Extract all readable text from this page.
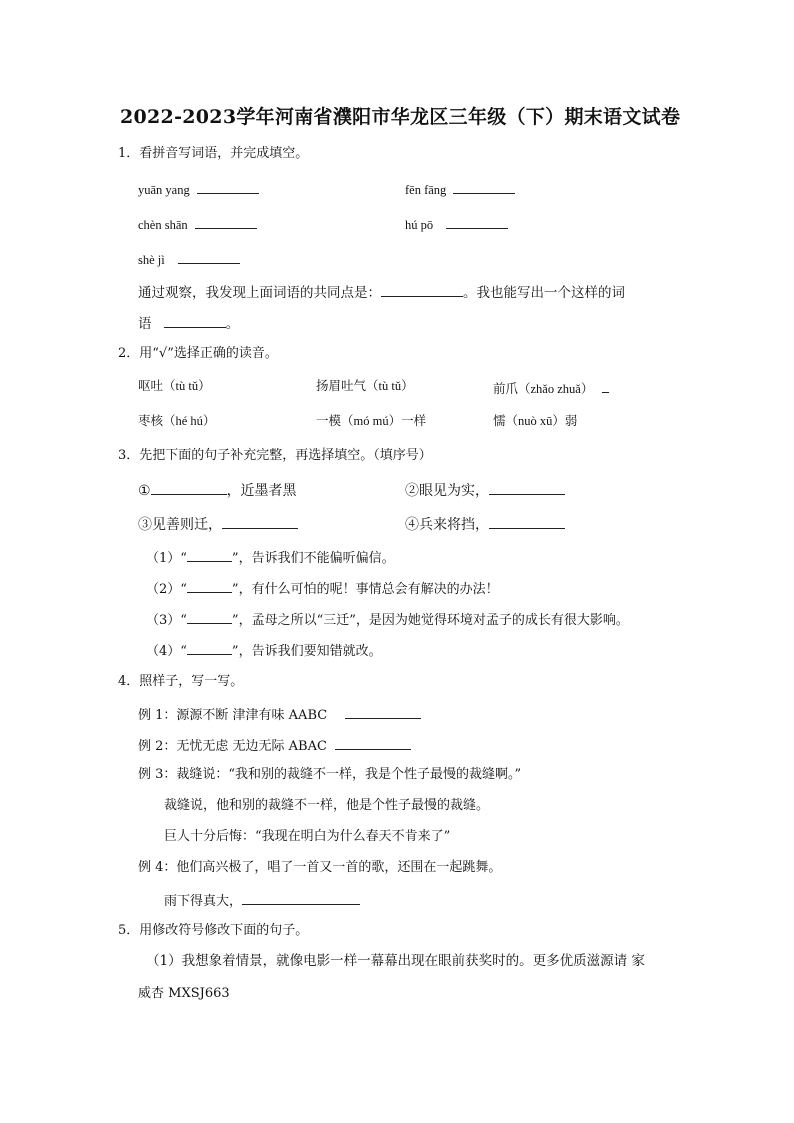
2022-2023学年河南省濮阳市华龙区三年级（下）期末语文试卷
1．看拼音写词语，并完成填空。
yuān yang	fēn fāng
chèn shān	hú pō
shè jì
通过观察，我发现上面词语的共同点是：	。我也能写出一个这样的词
语	。
2．用“√”选择正确的读音。
呕吐（tù tǔ）	扬眉吐气（tù tǔ）	前爪（zhǎo zhuǎ）
枣核（hé hú）	一模（mó mú）一样	懦（nuò xū）弱
3．先把下面的句子补充完整，再选择填空。（填序号）
①	，近墨者黑	②眼见为实，
③见善则迁，	④兵来将挡，
（1）“	”，告诉我们不能偏听偏信。
（2）“	”，有什么可怕的呢！事情总会有解决的办法！
（3）“	”，孟母之所以“三迁”，是因为她觉得环境对孟子的成长有很大影响。
（4）“	”，告诉我们要知错就改。
4．照样子，写一写。
例 1：源源不断 津津有味 AABC
例 2：无忧无虑 无边无际 ABAC
例 3：裁缝说：“我和别的裁缝不一样，我是个性子最慢的裁缝啊。”
裁缝说，他和别的裁缝不一样，他是个性子最慢的裁缝。
巨人十分后悔：“我现在明白为什么春天不肯来了”
例 4：他们高兴极了，唱了一首又一首的歌，还围在一起跳舞。
雨下得真大，
5．用修改符号修改下面的句子。
（1）我想象着情景，就像电影一样一幕幕出现在眼前获奖时的。更多优质滋源请 家
威杏 MXSJ663
